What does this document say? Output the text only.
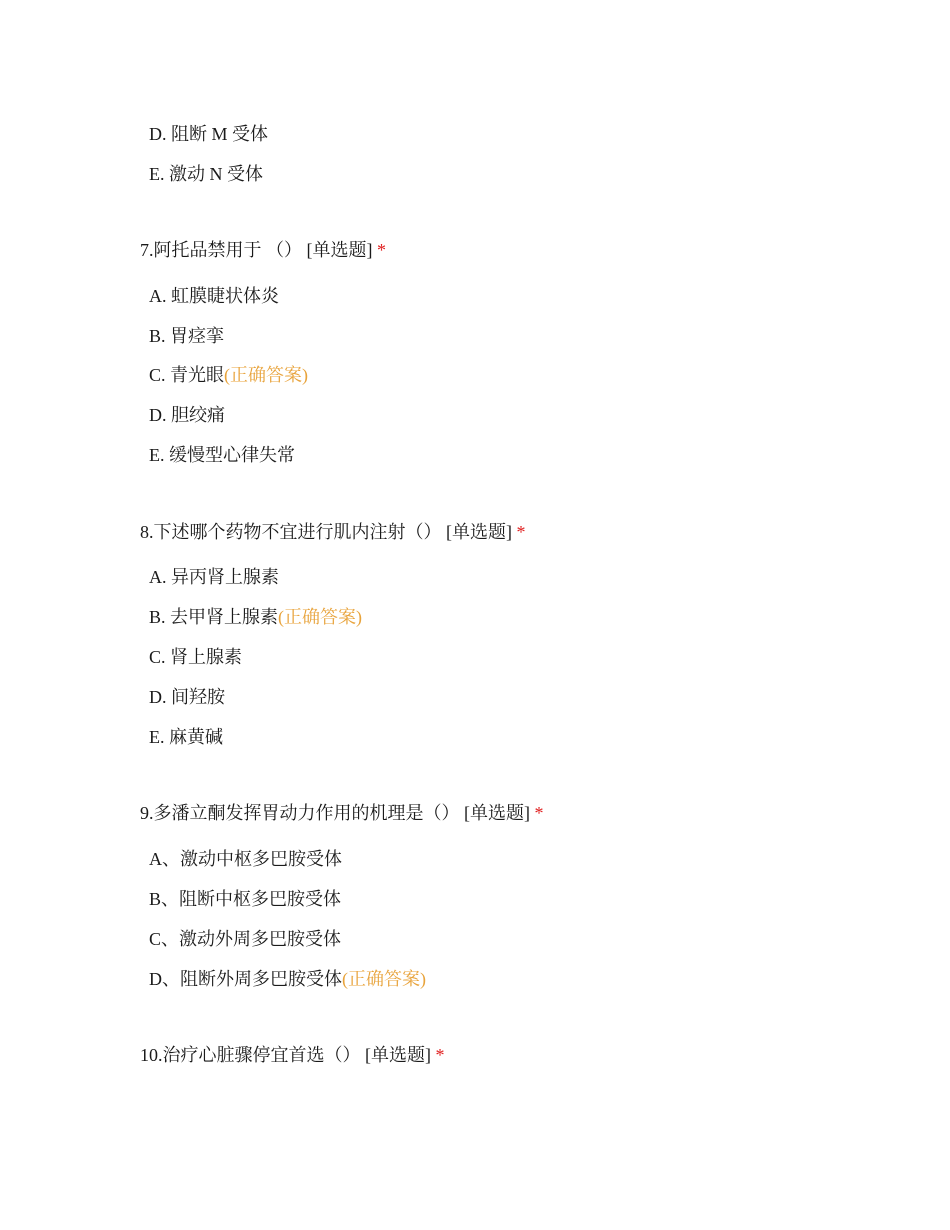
D. 阻断 M 受体
E. 激动 N 受体
7.阿托品禁用于 （） [单选题] *
A. 虹膜睫状体炎
B. 胃痉挛
C. 青光眼(正确答案)
D. 胆绞痛
E. 缓慢型心律失常
8.下述哪个药物不宜进行肌内注射（） [单选题] *
A. 异丙肾上腺素
B. 去甲肾上腺素(正确答案)
C. 肾上腺素
D. 间羟胺
E. 麻黄碱
9.多潘立酮发挥胃动力作用的机理是（） [单选题] *
A、激动中枢多巴胺受体
B、阻断中枢多巴胺受体
C、激动外周多巴胺受体
D、阻断外周多巴胺受体(正确答案)
10.治疗心脏骤停宜首选（） [单选题] *
